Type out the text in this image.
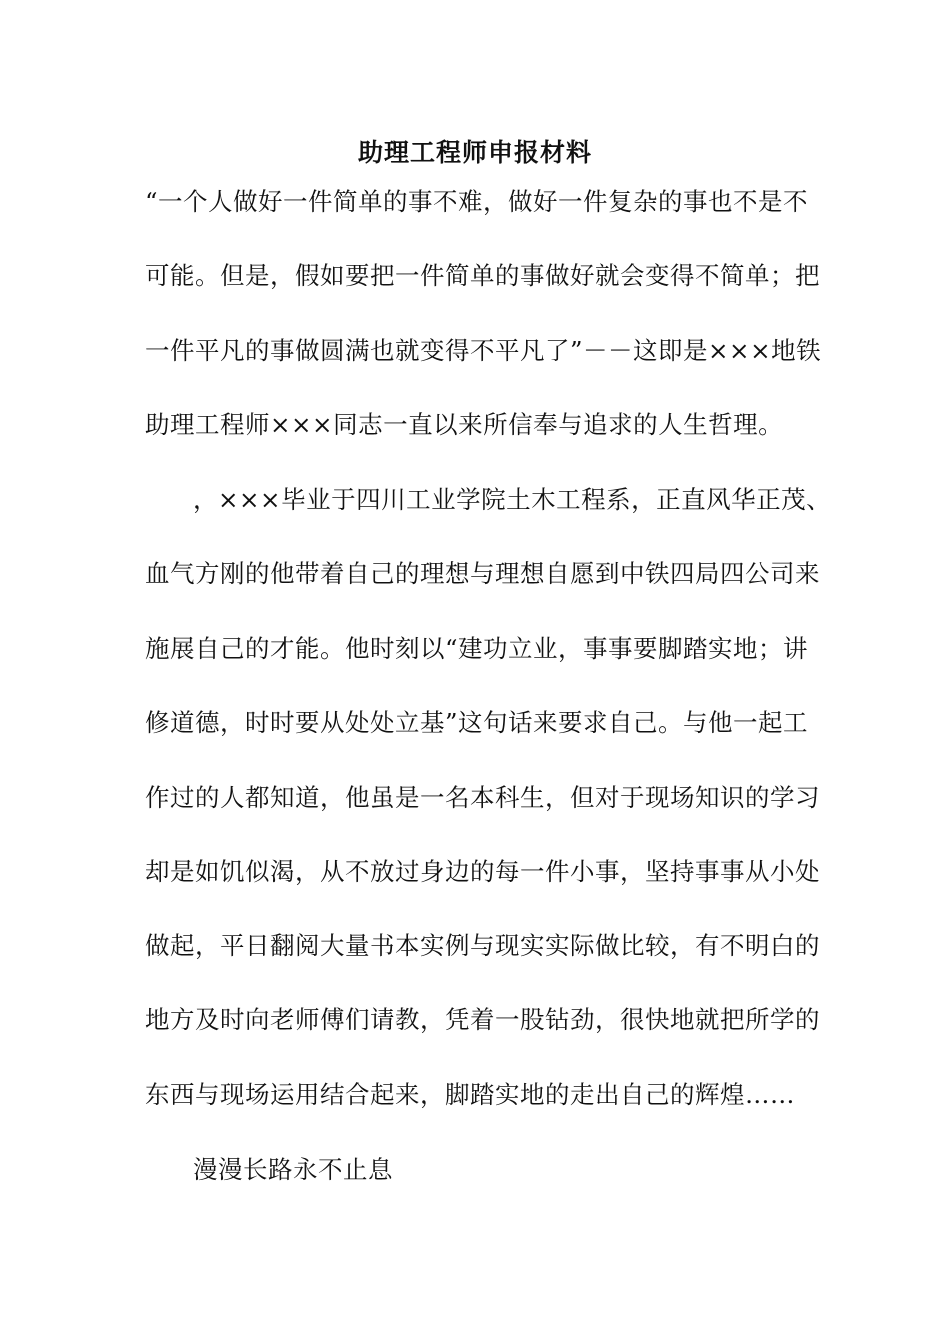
助理工程师申报材料
“一个人做好一件简单的事不难，做好一件复杂的事也不是不
可能。但是，假如要把一件简单的事做好就会变得不简单；把
一件平凡的事做圆满也就变得不平凡了”－－这即是×××地铁
助理工程师×××同志一直以来所信奉与追求的人生哲理。
，×××毕业于四川工业学院土木工程系，正直风华正茂、
血气方刚的他带着自己的理想与理想自愿到中铁四局四公司来
施展自己的才能。他时刻以“建功立业，事事要脚踏实地；讲
修道德，时时要从处处立基”这句话来要求自己。与他一起工
作过的人都知道，他虽是一名本科生，但对于现场知识的学习
却是如饥似渴，从不放过身边的每一件小事，坚持事事从小处
做起，平日翻阅大量书本实例与现实实际做比较，有不明白的
地方及时向老师傅们请教，凭着一股钻劲，很快地就把所学的
东西与现场运用结合起来，脚踏实地的走出自己的辉煌……
漫漫长路永不止息
